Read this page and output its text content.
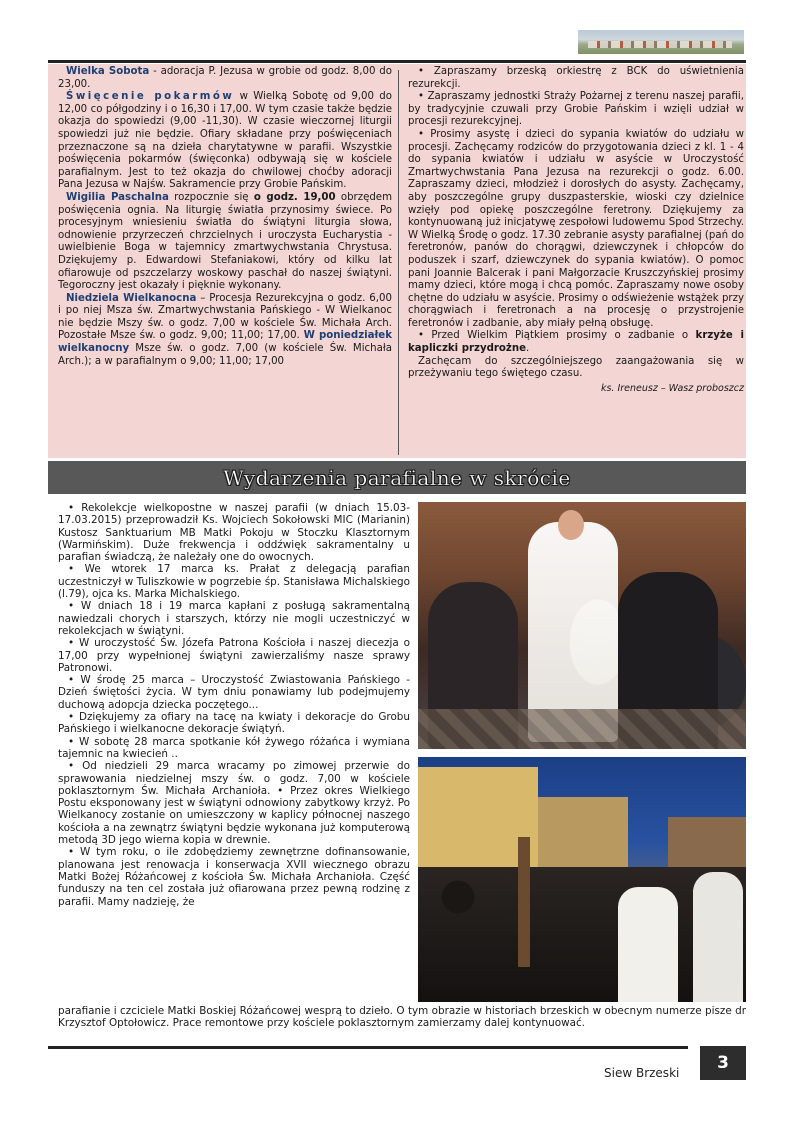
Wielka Sobota - adoracja P. Jezusa w grobie od godz. 8,00 do 23,00.

Święcenie pokarmów w Wielką Sobotę od 9,00 do 12,00 co półgodziny i o 16,30 i 17,00. W tym czasie także będzie okazja do spowiedzi (9,00 -11,30). W czasie wieczornej liturgii spowiedzi już nie będzie. Ofiary składane przy poświęceniach przeznaczone są na dzieła charytatywne w parafii. Wszystkie poświęcenia pokarmów (święconka) odbywają się w kościele parafialnym. Jest to też okazja do chwilowej choćby adoracji Pana Jezusa w Najśw. Sakramencie przy Grobie Pańskim.

Wigilia Paschalna rozpocznie się o godz. 19,00 obrzędem poświęcenia ognia. Na liturgię światła przynosimy świece. Po procesyjnym wniesieniu światła do świątyni liturgia słowa, odnowienie przyrzeczeń chrzcielnych i uroczysta Eucharystia - uwielbienie Boga w tajemnicy zmartwychwstania Chrystusa. Dziękujemy p. Edwardowi Stefaniakowi, który od kilku lat ofiarowuje od pszczelarzy woskowy paschał do naszej świątyni. Tegoroczny jest okazały i pięknie wykonany.

Niedziela Wielkanocna – Procesja Rezurekcyjna o godz. 6,00 i po niej Msza św. Zmartwychwstania Pańskiego - W Wielkanoc nie będzie Mszy św. o godz. 7,00 w kościele Św. Michała Arch. Pozostałe Msze św. o godz. 9,00; 11,00; 17,00. W poniedziałek wielkanocny Msze św. o godz. 7,00 (w kościele Św. Michała Arch.); a w parafialnym o 9,00; 11,00; 17,00

• Zapraszamy brzeską orkiestrę z BCK do uświetnienia rezurekcji.

• Zapraszamy jednostki Straży Pożarnej z terenu naszej parafii, by tradycyjnie czuwali przy Grobie Pańskim i wzięli udział w procesji rezurekcyjnej.

• Prosimy asystę i dzieci do sypania kwiatów do udziału w procesji. Zachęcamy rodziców do przygotowania dzieci z kl. 1 - 4 do sypania kwiatów i udziału w asyście w Uroczystość Zmartwychwstania Pana Jezusa na rezurekcji o godz. 6.00. Zapraszamy dzieci, młodzież i dorosłych do asysty. Zachęcamy, aby poszczególne grupy duszpasterskie, wioski czy dzielnice wzięły pod opiekę poszczególne feretrony. Dziękujemy za kontynuowaną już inicjatywę zespołowi ludowemu Spod Strzechy. W Wielką Środę o godz. 17.30 zebranie asysty parafialnej (pań do feretronów, panów do chorągwi, dziewczynek i chłopców do poduszek i szarf, dziewczynek do sypania kwiatów). O pomoc pani Joannie Balcerak i pani Małgorzacie Kruszczyńskiej prosimy mamy dzieci, które mogą i chcą pomóc. Zapraszamy nowe osoby chętne do udziału w asyście. Prosimy o odświeżenie wstążek przy chorągwiach i feretronach a na procesję o przystrojenie feretronów i zadbanie, aby miały pełną obsługę.

• Przed Wielkim Piątkiem prosimy o zadbanie o krzyże i kapliczki przydrożne.

Zachęcam do szczególniejszego zaangażowania się w przeżywaniu tego świętego czasu.

ks. Ireneusz – Wasz proboszcz

Wydarzenia parafialne w skrócie

• Rekolekcje wielkopostne w naszej parafii (w dniach 15.03-17.03.2015) przeprowadził Ks. Wojciech Sokołowski MIC (Marianin) Kustosz Sanktuarium MB Matki Pokoju w Stoczku Klasztornym (Warmińskim). Duże frekwencja i oddźwięk sakramentalny u parafian świadczą, że należały one do owocnych.

• We wtorek 17 marca ks. Prałat z delegacją parafian uczestniczył w Tuliszkowie w pogrzebie śp. Stanisława Michalskiego (l.79), ojca ks. Marka Michalskiego.

• W dniach 18 i 19 marca kapłani z posługą sakramentalną nawiedzali chorych i starszych, którzy nie mogli uczestniczyć w rekolekcjach w świątyni.

• W uroczystość Św. Józefa Patrona Kościoła i naszej diecezja o 17,00 przy wypełnionej świątyni zawierzaliśmy nasze sprawy Patronowi.

• W środę 25 marca – Uroczystość Zwiastowania Pańskiego - Dzień świętości życia. W tym dniu ponawiamy lub podejmujemy duchową adopcja dziecka poczętego...

• Dziękujemy za ofiary na tacę na kwiaty i dekoracje do Grobu Pańskiego i wielkanocne dekoracje świątyń.

• W sobotę 28 marca spotkanie kół żywego różańca i wymiana tajemnic na kwiecień ..

• Od niedzieli 29 marca wracamy po zimowej przerwie do sprawowania niedzielnej mszy św. o godz. 7,00 w kościele poklasztornym Św. Michała Archanioła. • Przez okres Wielkiego Postu eksponowany jest w świątyni odnowiony zabytkowy krzyż. Po Wielkanocy zostanie on umieszczony w kaplicy północnej naszego kościoła a na zewnątrz świątyni będzie wykonana już komputerową metodą 3D jego wierna kopia w drewnie.

• W tym roku, o ile zdobędziemy zewnętrzne dofinansowanie, planowana jest renowacja i konserwacja XVII wiecznego obrazu Matki Bożej Różańcowej z kościoła Św. Michała Archanioła. Część funduszy na ten cel została już ofiarowana przez pewną rodzinę z parafii. Mamy nadzieję, że

parafianie i czciciele Matki Boskiej Różańcowej wesprą to dzieło. O tym obrazie w historiach brzeskich w obecnym numerze pisze dr Krzysztof Optołowicz. Prace remontowe przy kościele poklasztornym zamierzamy dalej kontynuować.

Siew Brzeski	3
